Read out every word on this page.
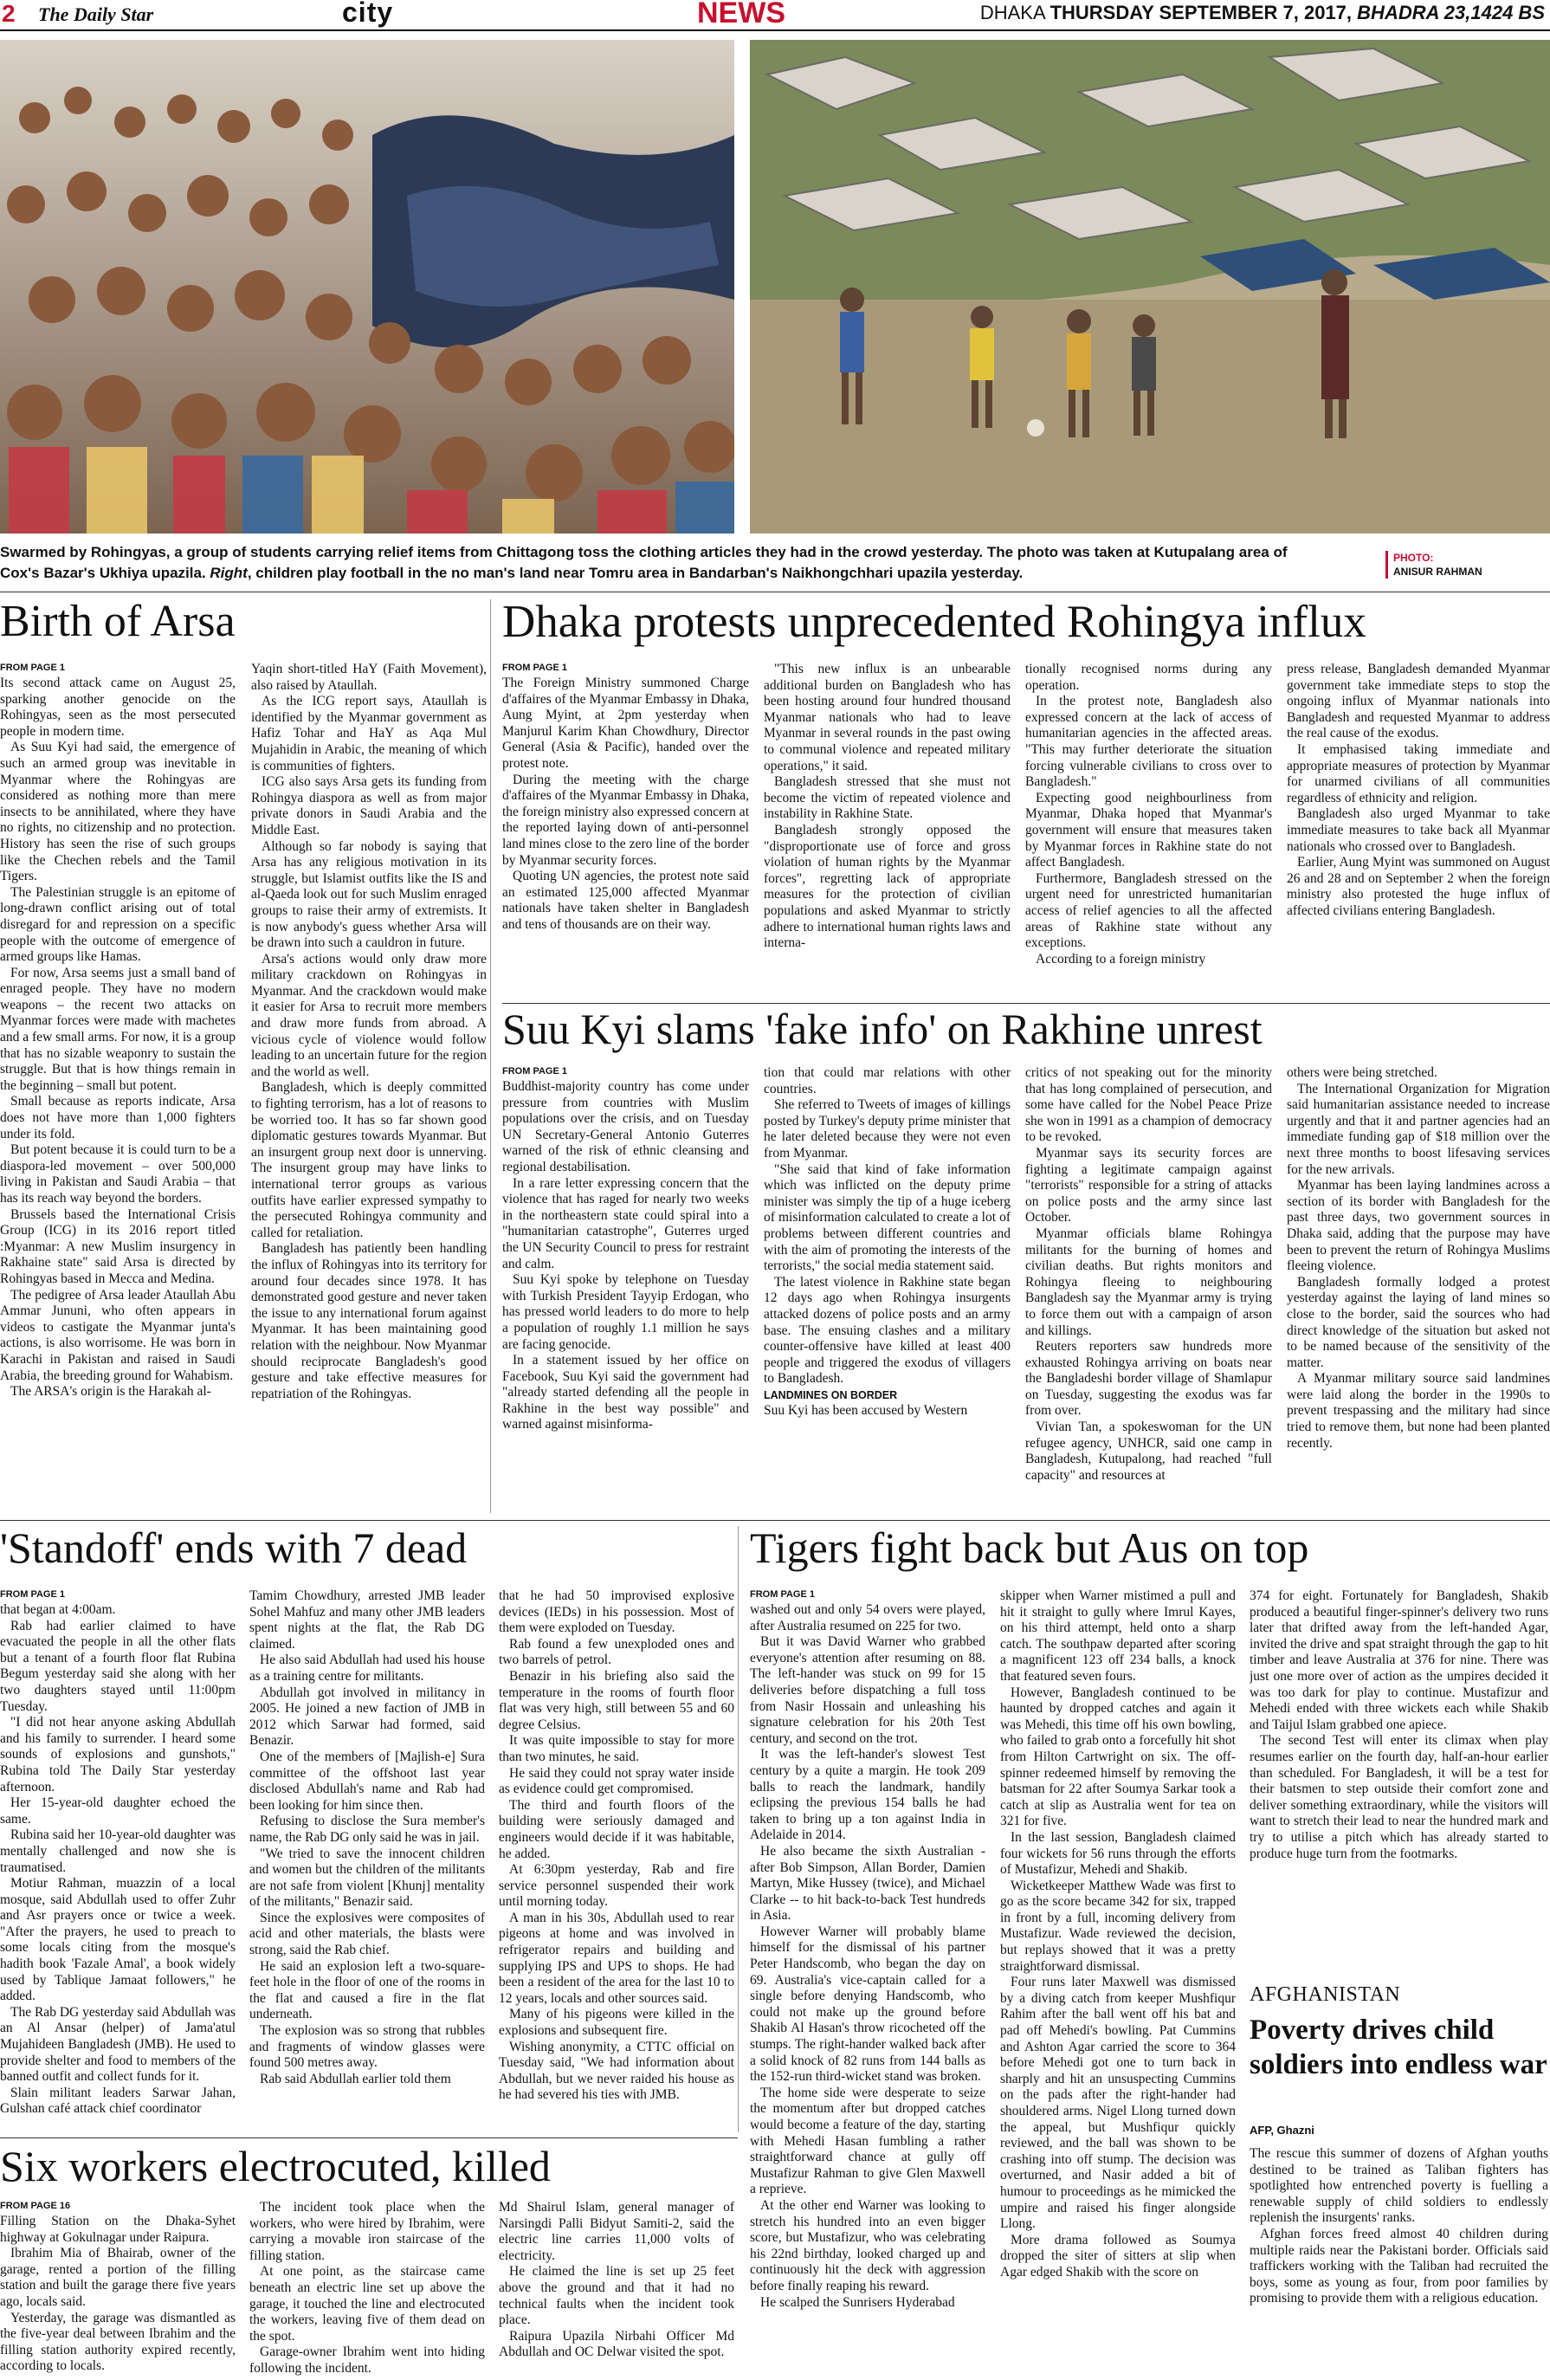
2 The Daily Star	city	NEWS	DHAKA THURSDAY SEPTEMBER 7, 2017, BHADRA 23,1424 BS
Swarmed by Rohingyas, a group of students carrying relief items from Chittagong toss the clothing articles they had in the crowd yesterday. The photo was taken at Kutupalang area of Cox's Bazar's Ukhiya upazila. Right, children play football in the no man's land near Tomru area in Bandarban's Naikhongchhari upazila yesterday.
PHOTO:
ANISUR RAHMAN
Birth of Arsa
FROM PAGE 1

Its second attack came on August 25, sparking another genocide on the Rohingyas, seen as the most persecuted people in modern time.

As Suu Kyi had said, the emergence of such an armed group was inevitable in Myanmar where the Rohingyas are considered as nothing more than mere insects to be annihilated, where they have no rights, no citizenship and no protection. History has seen the rise of such groups like the Chechen rebels and the Tamil Tigers.

The Palestinian struggle is an epitome of long-drawn conflict arising out of total disregard for and repression on a specific people with the outcome of emergence of armed groups like Hamas.

For now, Arsa seems just a small band of enraged people. They have no modern weapons – the recent two attacks on Myanmar forces were made with machetes and a few small arms. For now, it is a group that has no sizable weaponry to sustain the struggle. But that is how things remain in the beginning – small but potent.

Small because as reports indicate, Arsa does not have more than 1,000 fighters under its fold.

But potent because it is could turn to be a diaspora-led movement – over 500,000 living in Pakistan and Saudi Arabia – that has its reach way beyond the borders.

Brussels based the International Crisis Group (ICG) in its 2016 report titled :Myanmar: A new Muslim insurgency in Rakhaine state" said Arsa is directed by Rohingyas based in Mecca and Medina.

The pedigree of Arsa leader Ataullah Abu Ammar Jununi, who often appears in videos to castigate the Myanmar junta's actions, is also worrisome. He was born in Karachi in Pakistan and raised in Saudi Arabia, the breeding ground for Wahabism.

The ARSA's origin is the Harakah al-

Yaqin short-titled HaY (Faith Movement), also raised by Ataullah.

As the ICG report says, Ataullah is identified by the Myanmar government as Hafiz Tohar and HaY as Aqa Mul Mujahidin in Arabic, the meaning of which is communities of fighters.

ICG also says Arsa gets its funding from Rohingya diaspora as well as from major private donors in Saudi Arabia and the Middle East.

Although so far nobody is saying that Arsa has any religious motivation in its struggle, but Islamist outfits like the IS and al-Qaeda look out for such Muslim enraged groups to raise their army of extremists. It is now anybody's guess whether Arsa will be drawn into such a cauldron in future.

Arsa's actions would only draw more military crackdown on Rohingyas in Myanmar. And the crackdown would make it easier for Arsa to recruit more members and draw more funds from abroad. A vicious cycle of violence would follow leading to an uncertain future for the region and the world as well.

Bangladesh, which is deeply committed to fighting terrorism, has a lot of reasons to be worried too. It has so far shown good diplomatic gestures towards Myanmar. But an insurgent group next door is unnerving. The insurgent group may have links to international terror groups as various outfits have earlier expressed sympathy to the persecuted Rohingya community and called for retaliation.

Bangladesh has patiently been handling the influx of Rohingyas into its territory for around four decades since 1978. It has demonstrated good gesture and never taken the issue to any international forum against Myanmar. It has been maintaining good relation with the neighbour. Now Myanmar should reciprocate Bangladesh's good gesture and take effective measures for repatriation of the Rohingyas.

Dhaka protests unprecedented Rohingya influx
FROM PAGE 1

The Foreign Ministry summoned Charge d'affaires of the Myanmar Embassy in Dhaka, Aung Myint, at 2pm yesterday when Manjurul Karim Khan Chowdhury, Director General (Asia & Pacific), handed over the protest note.

During the meeting with the charge d'affaires of the Myanmar Embassy in Dhaka, the foreign ministry also expressed concern at the reported laying down of anti-personnel land mines close to the zero line of the border by Myanmar security forces.

Quoting UN agencies, the protest note said an estimated 125,000 affected Myanmar nationals have taken shelter in Bangladesh and tens of thousands are on their way.

"This new influx is an unbearable additional burden on Bangladesh who has been hosting around four hundred thousand Myanmar nationals who had to leave Myanmar in several rounds in the past owing to communal violence and repeated military operations," it said.

Bangladesh stressed that she must not become the victim of repeated violence and instability in Rakhine State.

Bangladesh strongly opposed the "disproportionate use of force and gross violation of human rights by the Myanmar forces", regretting lack of appropriate measures for the protection of civilian populations and asked Myanmar to strictly adhere to international human rights laws and interna-

tionally recognised norms during any operation.

In the protest note, Bangladesh also expressed concern at the lack of access of humanitarian agencies in the affected areas. "This may further deteriorate the situation forcing vulnerable civilians to cross over to Bangladesh."

Expecting good neighbourliness from Myanmar, Dhaka hoped that Myanmar's government will ensure that measures taken by Myanmar forces in Rakhine state do not affect Bangladesh.

Furthermore, Bangladesh stressed on the urgent need for unrestricted humanitarian access of relief agencies to all the affected areas of Rakhine state without any exceptions.

According to a foreign ministry

press release, Bangladesh demanded Myanmar government take immediate steps to stop the ongoing influx of Myanmar nationals into Bangladesh and requested Myanmar to address the real cause of the exodus.

It emphasised taking immediate and appropriate measures of protection by Myanmar for unarmed civilians of all communities regardless of ethnicity and religion.

Bangladesh also urged Myanmar to take immediate measures to take back all Myanmar nationals who crossed over to Bangladesh.

Earlier, Aung Myint was summoned on August 26 and 28 and on September 2 when the foreign ministry also protested the huge influx of affected civilians entering Bangladesh.

Suu Kyi slams 'fake info' on Rakhine unrest
FROM PAGE 1

Buddhist-majority country has come under pressure from countries with Muslim populations over the crisis, and on Tuesday UN Secretary-General Antonio Guterres warned of the risk of ethnic cleansing and regional destabilisation.

In a rare letter expressing concern that the violence that has raged for nearly two weeks in the northeastern state could spiral into a "humanitarian catastrophe", Guterres urged the UN Security Council to press for restraint and calm.

Suu Kyi spoke by telephone on Tuesday with Turkish President Tayyip Erdogan, who has pressed world leaders to do more to help a population of roughly 1.1 million he says are facing genocide.

In a statement issued by her office on Facebook, Suu Kyi said the government had "already started defending all the people in Rakhine in the best way possible" and warned against misinforma-

tion that could mar relations with other countries.

She referred to Tweets of images of killings posted by Turkey's deputy prime minister that he later deleted because they were not even from Myanmar.

"She said that kind of fake information which was inflicted on the deputy prime minister was simply the tip of a huge iceberg of misinformation calculated to create a lot of problems between different countries and with the aim of promoting the interests of the terrorists," the social media statement said.

The latest violence in Rakhine state began 12 days ago when Rohingya insurgents attacked dozens of police posts and an army base. The ensuing clashes and a military counter-offensive have killed at least 400 people and triggered the exodus of villagers to Bangladesh.

LANDMINES ON BORDER

Suu Kyi has been accused by Western

critics of not speaking out for the minority that has long complained of persecution, and some have called for the Nobel Peace Prize she won in 1991 as a champion of democracy to be revoked.

Myanmar says its security forces are fighting a legitimate campaign against "terrorists" responsible for a string of attacks on police posts and the army since last October.

Myanmar officials blame Rohingya militants for the burning of homes and civilian deaths. But rights monitors and Rohingya fleeing to neighbouring Bangladesh say the Myanmar army is trying to force them out with a campaign of arson and killings.

Reuters reporters saw hundreds more exhausted Rohingya arriving on boats near the Bangladeshi border village of Shamlapur on Tuesday, suggesting the exodus was far from over.

Vivian Tan, a spokeswoman for the UN refugee agency, UNHCR, said one camp in Bangladesh, Kutupalong, had reached "full capacity" and resources at

others were being stretched.

The International Organization for Migration said humanitarian assistance needed to increase urgently and that it and partner agencies had an immediate funding gap of $18 million over the next three months to boost lifesaving services for the new arrivals.

Myanmar has been laying landmines across a section of its border with Bangladesh for the past three days, two government sources in Dhaka said, adding that the purpose may have been to prevent the return of Rohingya Muslims fleeing violence.

Bangladesh formally lodged a protest yesterday against the laying of land mines so close to the border, said the sources who had direct knowledge of the situation but asked not to be named because of the sensitivity of the matter.

A Myanmar military source said landmines were laid along the border in the 1990s to prevent trespassing and the military had since tried to remove them, but none had been planted recently.

'Standoff' ends with 7 dead
FROM PAGE 1

that began at 4:00am.

Rab had earlier claimed to have evacuated the people in all the other flats but a tenant of a fourth floor flat Rubina Begum yesterday said she along with her two daughters stayed until 11:00pm Tuesday.

"I did not hear anyone asking Abdullah and his family to surrender. I heard some sounds of explosions and gunshots," Rubina told The Daily Star yesterday afternoon.

Her 15-year-old daughter echoed the same.

Rubina said her 10-year-old daughter was mentally challenged and now she is traumatised.

Motiur Rahman, muazzin of a local mosque, said Abdullah used to offer Zuhr and Asr prayers once or twice a week. "After the prayers, he used to preach to some locals citing from the mosque's hadith book 'Fazale Amal', a book widely used by Tablique Jamaat followers," he added.

The Rab DG yesterday said Abdullah was an Al Ansar (helper) of Jama'atul Mujahideen Bangladesh (JMB). He used to provide shelter and food to members of the banned outfit and collect funds for it.

Slain militant leaders Sarwar Jahan, Gulshan café attack chief coordinator

Tamim Chowdhury, arrested JMB leader Sohel Mahfuz and many other JMB leaders spent nights at the flat, the Rab DG claimed.

He also said Abdullah had used his house as a training centre for militants.

Abdullah got involved in militancy in 2005. He joined a new faction of JMB in 2012 which Sarwar had formed, said Benazir.

One of the members of [Majlish-e] Sura committee of the offshoot last year disclosed Abdullah's name and Rab had been looking for him since then.

Refusing to disclose the Sura member's name, the Rab DG only said he was in jail.

"We tried to save the innocent children and women but the children of the militants are not safe from violent [Khunj] mentality of the militants," Benazir said.

Since the explosives were composites of acid and other materials, the blasts were strong, said the Rab chief.

He said an explosion left a two-square-feet hole in the floor of one of the rooms in the flat and caused a fire in the flat underneath.

The explosion was so strong that rubbles and fragments of window glasses were found 500 metres away.

Rab said Abdullah earlier told them

that he had 50 improvised explosive devices (IEDs) in his possession. Most of them were exploded on Tuesday.

Rab found a few unexploded ones and two barrels of petrol.

Benazir in his briefing also said the temperature in the rooms of fourth floor flat was very high, still between 55 and 60 degree Celsius.

It was quite impossible to stay for more than two minutes, he said.

He said they could not spray water inside as evidence could get compromised.

The third and fourth floors of the building were seriously damaged and engineers would decide if it was habitable, he added.

At 6:30pm yesterday, Rab and fire service personnel suspended their work until morning today.

A man in his 30s, Abdullah used to rear pigeons at home and was involved in refrigerator repairs and building and supplying IPS and UPS to shops. He had been a resident of the area for the last 10 to 12 years, locals and other sources said.

Many of his pigeons were killed in the explosions and subsequent fire.

Wishing anonymity, a CTTC official on Tuesday said, "We had information about Abdullah, but we never raided his house as he had severed his ties with JMB.

Tigers fight back but Aus on top
FROM PAGE 1

washed out and only 54 overs were played, after Australia resumed on 225 for two.

But it was David Warner who grabbed everyone's attention after resuming on 88. The left-hander was stuck on 99 for 15 deliveries before dispatching a full toss from Nasir Hossain and unleashing his signature celebration for his 20th Test century, and second on the trot.

It was the left-hander's slowest Test century by a quite a margin. He took 209 balls to reach the landmark, handily eclipsing the previous 154 balls he had taken to bring up a ton against India in Adelaide in 2014.

He also became the sixth Australian - after Bob Simpson, Allan Border, Damien Martyn, Mike Hussey (twice), and Michael Clarke -- to hit back-to-back Test hundreds in Asia.

However Warner will probably blame himself for the dismissal of his partner Peter Handscomb, who began the day on 69. Australia's vice-captain called for a single before denying Handscomb, who could not make up the ground before Shakib Al Hasan's throw ricocheted off the stumps. The right-hander walked back after a solid knock of 82 runs from 144 balls as the 152-run third-wicket stand was broken.

The home side were desperate to seize the momentum after but dropped catches would become a feature of the day, starting with Mehedi Hasan fumbling a rather straightforward chance at gully off Mustafizur Rahman to give Glen Maxwell a reprieve.

At the other end Warner was looking to stretch his hundred into an even bigger score, but Mustafizur, who was celebrating his 22nd birthday, looked charged up and continuously hit the deck with aggression before finally reaping his reward.

He scalped the Sunrisers Hyderabad

skipper when Warner mistimed a pull and hit it straight to gully where Imrul Kayes, on his third attempt, held onto a sharp catch. The southpaw departed after scoring a magnificent 123 off 234 balls, a knock that featured seven fours.

However, Bangladesh continued to be haunted by dropped catches and again it was Mehedi, this time off his own bowling, who failed to grab onto a forcefully hit shot from Hilton Cartwright on six. The off-spinner redeemed himself by removing the batsman for 22 after Soumya Sarkar took a catch at slip as Australia went for tea on 321 for five.

In the last session, Bangladesh claimed four wickets for 56 runs through the efforts of Mustafizur, Mehedi and Shakib.

Wicketkeeper Matthew Wade was first to go as the score became 342 for six, trapped in front by a full, incoming delivery from Mustafizur. Wade reviewed the decision, but replays showed that it was a pretty straightforward dismissal.

Four runs later Maxwell was dismissed by a diving catch from keeper Mushfiqur Rahim after the ball went off his bat and pad off Mehedi's bowling. Pat Cummins and Ashton Agar carried the score to 364 before Mehedi got one to turn back in sharply and hit an unsuspecting Cummins on the pads after the right-hander had shouldered arms. Nigel Llong turned down the appeal, but Mushfiqur quickly reviewed, and the ball was shown to be crashing into off stump. The decision was overturned, and Nasir added a bit of humour to proceedings as he mimicked the umpire and raised his finger alongside Llong.

More drama followed as Soumya dropped the siter of sitters at slip when Agar edged Shakib with the score on

374 for eight. Fortunately for Bangladesh, Shakib produced a beautiful finger-spinner's delivery two runs later that drifted away from the left-handed Agar, invited the drive and spat straight through the gap to hit timber and leave Australia at 376 for nine. There was just one more over of action as the umpires decided it was too dark for play to continue. Mustafizur and Mehedi ended with three wickets each while Shakib and Taijul Islam grabbed one apiece.

The second Test will enter its climax when play resumes earlier on the fourth day, half-an-hour earlier than scheduled. For Bangladesh, it will be a test for their batsmen to step outside their comfort zone and deliver something extraordinary, while the visitors will want to stretch their lead to near the hundred mark and try to utilise a pitch which has already started to produce huge turn from the footmarks.

AFGHANISTAN
Poverty drives child soldiers into endless war
AFP, Ghazni

The rescue this summer of dozens of Afghan youths destined to be trained as Taliban fighters has spotlighted how entrenched poverty is fuelling a renewable supply of child soldiers to endlessly replenish the insurgents' ranks.

Afghan forces freed almost 40 children during multiple raids near the Pakistani border. Officials said traffickers working with the Taliban had recruited the boys, some as young as four, from poor families by promising to provide them with a religious education.

Six workers electrocuted, killed
FROM PAGE 16

Filling Station on the Dhaka-Syhet highway at Gokulnagar under Raipura.

Ibrahim Mia of Bhairab, owner of the garage, rented a portion of the filling station and built the garage there five years ago, locals said.

Yesterday, the garage was dismantled as the five-year deal between Ibrahim and the filling station authority expired recently, according to locals.

The incident took place when the workers, who were hired by Ibrahim, were carrying a movable iron staircase of the filling station.

At one point, as the staircase came beneath an electric line set up above the garage, it touched the line and electrocuted the workers, leaving five of them dead on the spot.

Garage-owner Ibrahim went into hiding following the incident.

Md Shairul Islam, general manager of Narsingdi Palli Bidyut Samiti-2, said the electric line carries 11,000 volts of electricity.

He claimed the line is set up 25 feet above the ground and that it had no technical faults when the incident took place.

Raipura Upazila Nirbahi Officer Md Abdullah and OC Delwar visited the spot.
